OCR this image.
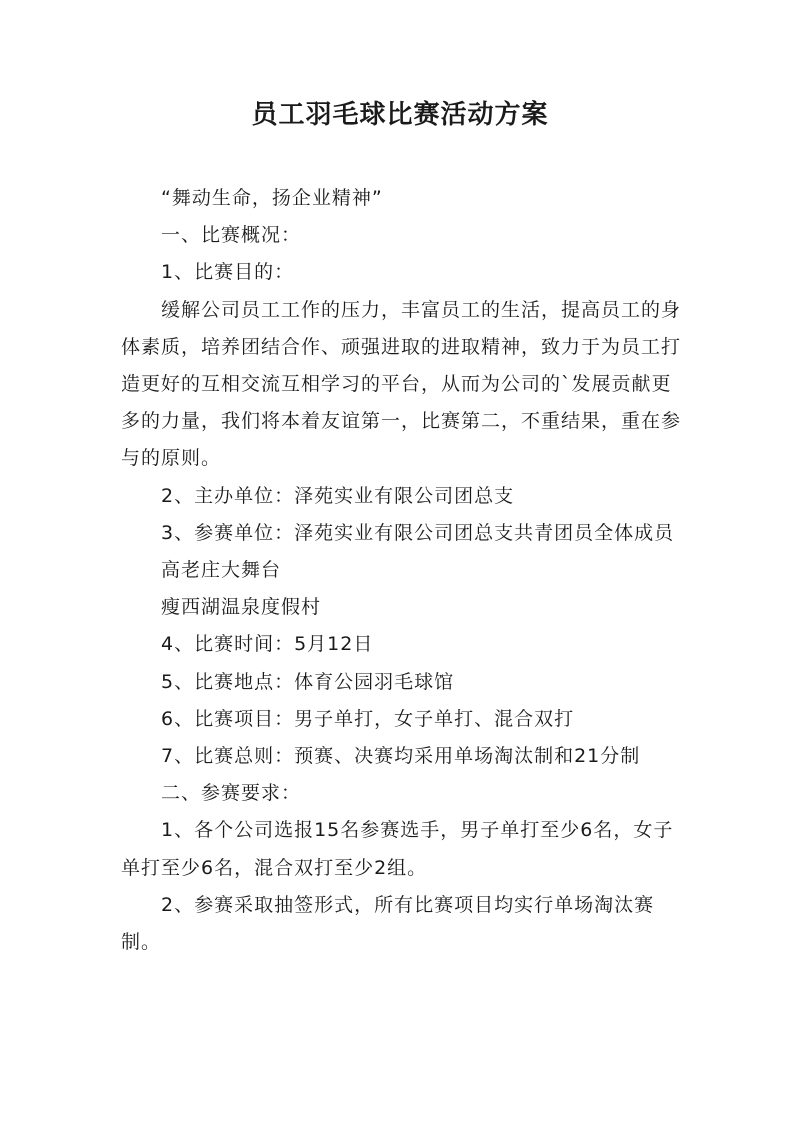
员工羽毛球比赛活动方案

“舞动生命，扬企业精神”

一、比赛概况：

1、比赛目的：

缓解公司员工工作的压力，丰富员工的生活，提高员工的身体素质，培养团结合作、顽强进取的进取精神，致力于为员工打造更好的互相交流互相学习的平台，从而为公司的`发展贡献更多的力量，我们将本着友谊第一，比赛第二，不重结果，重在参与的原则。

2、主办单位：泽苑实业有限公司团总支

3、参赛单位：泽苑实业有限公司团总支共青团员全体成员

高老庄大舞台

瘦西湖温泉度假村

4、比赛时间：5月12日

5、比赛地点：体育公园羽毛球馆

6、比赛项目：男子单打，女子单打、混合双打

7、比赛总则：预赛、决赛均采用单场淘汰制和21分制

二、参赛要求：

1、各个公司选报15名参赛选手，男子单打至少6名，女子单打至少6名，混合双打至少2组。

2、参赛采取抽签形式，所有比赛项目均实行单场淘汰赛制。
